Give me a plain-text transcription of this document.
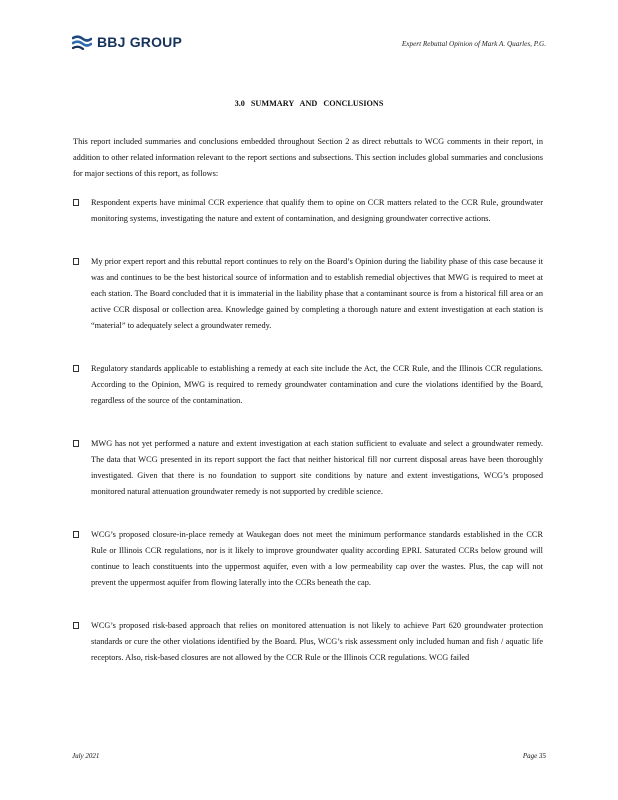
BBJ GROUP	Expert Rebuttal Opinion of Mark A. Quarles, P.G.
3.0 SUMMARY AND CONCLUSIONS

This report included summaries and conclusions embedded throughout Section 2 as direct rebuttals to WCG comments in their report, in addition to other related information relevant to the report sections and subsections. This section includes global summaries and conclusions for major sections of this report, as follows:

Respondent experts have minimal CCR experience that qualify them to opine on CCR matters related to the CCR Rule, groundwater monitoring systems, investigating the nature and extent of contamination, and designing groundwater corrective actions.
My prior expert report and this rebuttal report continues to rely on the Board’s Opinion during the liability phase of this case because it was and continues to be the best historical source of information and to establish remedial objectives that MWG is required to meet at each station. The Board concluded that it is immaterial in the liability phase that a contaminant source is from a historical fill area or an active CCR disposal or collection area. Knowledge gained by completing a thorough nature and extent investigation at each station is “material” to adequately select a groundwater remedy.
Regulatory standards applicable to establishing a remedy at each site include the Act, the CCR Rule, and the Illinois CCR regulations. According to the Opinion, MWG is required to remedy groundwater contamination and cure the violations identified by the Board, regardless of the source of the contamination.
MWG has not yet performed a nature and extent investigation at each station sufficient to evaluate and select a groundwater remedy. The data that WCG presented in its report support the fact that neither historical fill nor current disposal areas have been thoroughly investigated. Given that there is no foundation to support site conditions by nature and extent investigations, WCG’s proposed monitored natural attenuation groundwater remedy is not supported by credible science.
WCG’s proposed closure-in-place remedy at Waukegan does not meet the minimum performance standards established in the CCR Rule or Illinois CCR regulations, nor is it likely to improve groundwater quality according EPRI. Saturated CCRs below ground will continue to leach constituents into the uppermost aquifer, even with a low permeability cap over the wastes. Plus, the cap will not prevent the uppermost aquifer from flowing laterally into the CCRs beneath the cap.
WCG’s proposed risk-based approach that relies on monitored attenuation is not likely to achieve Part 620 groundwater protection standards or cure the other violations identified by the Board. Plus, WCG’s risk assessment only included human and fish / aquatic life receptors. Also, risk-based closures are not allowed by the CCR Rule or the Illinois CCR regulations. WCG failed
July 2021	Page 35
